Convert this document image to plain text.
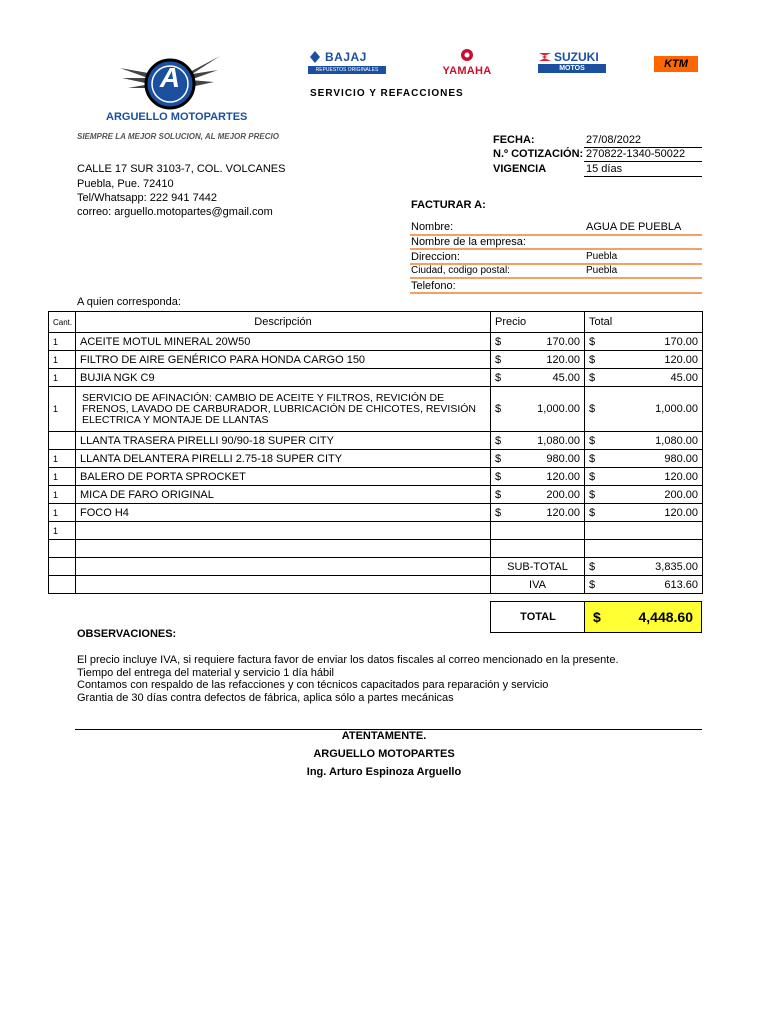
A
ARGUELLO MOTOPARTES
SIEMPRE LA MEJOR SOLUCION, AL MEJOR PRECIO
BAJAJ
REPUESTOS ORIGINALES	YAMAHA
SUZUKI
MOTOS	KTM
SERVICIO Y REFACCIONES
CALLE 17 SUR 3103-7, COL. VOLCANES
Puebla, Pue. 72410
Tel/Whatsapp: 222 941 7442
correo: arguello.motopartes@gmail.com
FECHA:	27/08/2022
N.º COTIZACIÓN: 270822-1340-50022
VIGENCIA	15 días
FACTURAR A:
Nombre:	AGUA DE PUEBLA
Nombre de la empresa:
Direccion:	Puebla
Ciudad, codigo postal:	Puebla
Telefono:
A quien corresponda:
Cant.	Descripción	Precio	Total
1	ACEITE MOTUL MINERAL 20W50	$ 170.00	$ 170.00

1	FILTRO DE AIRE GENÉRICO PARA HONDA CARGO 150	$ 120.00	$ 120.00

1	BUJIA NGK C9	$ 45.00	$ 45.00

1	SERVICIO DE AFINACIÓN: CAMBIO DE ACEITE Y FILTROS, REVICIÓN DE FRENOS, LAVADO DE CARBURADOR, LUBRICACIÓN DE CHICOTES, REVISIÓN ELECTRICA Y MONTAJE DE LLANTAS	$ 1,000.00	$ 1,000.00

	LLANTA TRASERA PIRELLI 90/90-18 SUPER CITY	$ 1,080.00	$ 1,080.00

1	LLANTA DELANTERA PIRELLI 2.75-18 SUPER CITY	$ 980.00	$ 980.00

1	BALERO DE PORTA SPROCKET	$ 120.00	$ 120.00

1	MICA DE FARO ORIGINAL	$ 200.00	$ 200.00

1	FOCO H4	$ 120.00	$ 120.00

1			

		SUB-TOTAL	$ 3,835.00

		IVA	$ 613.60
TOTAL	$	4,448.60
OBSERVACIONES:
El precio incluye IVA, si requiere factura favor de enviar los datos fiscales al correo mencionado en la presente.
Tiempo del entrega del material y servicio 1 día hábil
Contamos con respaldo de las refacciones y con técnicos capacitados para reparación y servicio
Grantia de 30 días contra defectos de fábrica, aplica sólo a partes mecánicas
ATENTAMENTE.
ARGUELLO MOTOPARTES
Ing. Arturo Espinoza Arguello
